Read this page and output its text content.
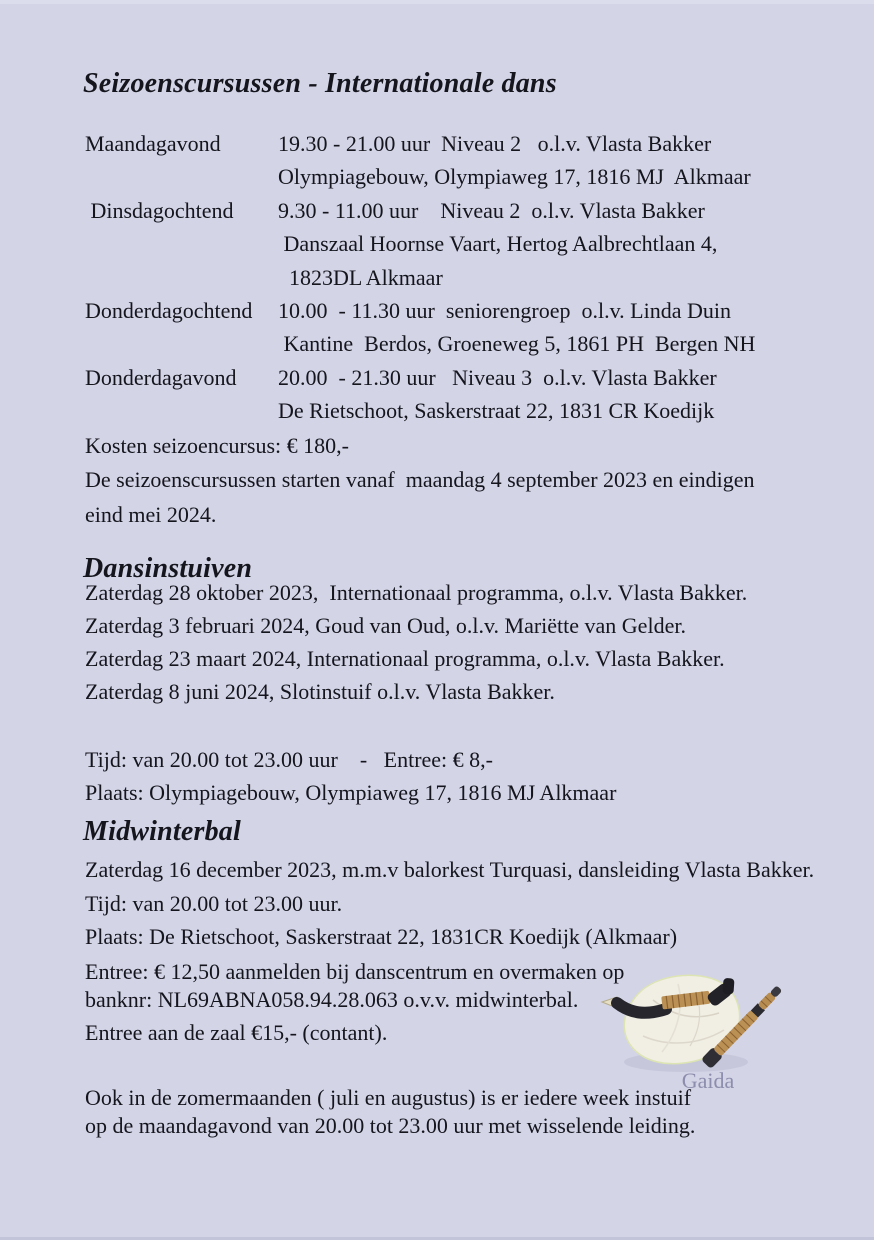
Seizoenscursussen - Internationale dans
Maandagavond	19.30 - 21.00 uur  Niveau 2   o.l.v. Vlasta Bakker
Olympiagebouw, Olympiaweg 17, 1816 MJ  Alkmaar
Dinsdagochtend 9.30 - 11.00 uur    Niveau 2  o.l.v. Vlasta Bakker
Danszaal Hoornse Vaart, Hertog Aalbrechtlaan 4,
1823DL Alkmaar
Donderdagochtend 10.00  - 11.30 uur  seniorengroep  o.l.v. Linda Duin
Kantine  Berdos, Groeneweg 5, 1861 PH  Bergen NH
Donderdagavond 20.00  - 21.30 uur   Niveau 3  o.l.v. Vlasta Bakker
De Rietschoot, Saskerstraat 22, 1831 CR Koedijk
Kosten seizoencursus: € 180,-
De seizoenscursussen starten vanaf  maandag 4 september 2023 en eindigen
eind mei 2024.
Dansinstuiven
Zaterdag 28 oktober 2023,  Internationaal programma, o.l.v. Vlasta Bakker.
Zaterdag 3 februari 2024, Goud van Oud, o.l.v. Mariëtte van Gelder.
Zaterdag 23 maart 2024, Internationaal programma, o.l.v. Vlasta Bakker.
Zaterdag 8 juni 2024, Slotinstuif o.l.v. Vlasta Bakker.
Tijd: van 20.00 tot 23.00 uur    -   Entree: € 8,-
Plaats: Olympiagebouw, Olympiaweg 17, 1816 MJ Alkmaar
Midwinterbal
Zaterdag 16 december 2023, m.m.v balorkest Turquasi, dansleiding Vlasta Bakker.
Tijd: van 20.00 tot 23.00 uur.
Plaats: De Rietschoot, Saskerstraat 22, 1831CR Koedijk (Alkmaar)
Entree: € 12,50 aanmelden bij danscentrum en overmaken op
banknr: NL69ABNA058.94.28.063 o.v.v. midwinterbal.
Entree aan de zaal €15,- (contant).
Gaida
Ook in de zomermaanden ( juli en augustus) is er iedere week instuif
op de maandagavond van 20.00 tot 23.00 uur met wisselende leiding.
